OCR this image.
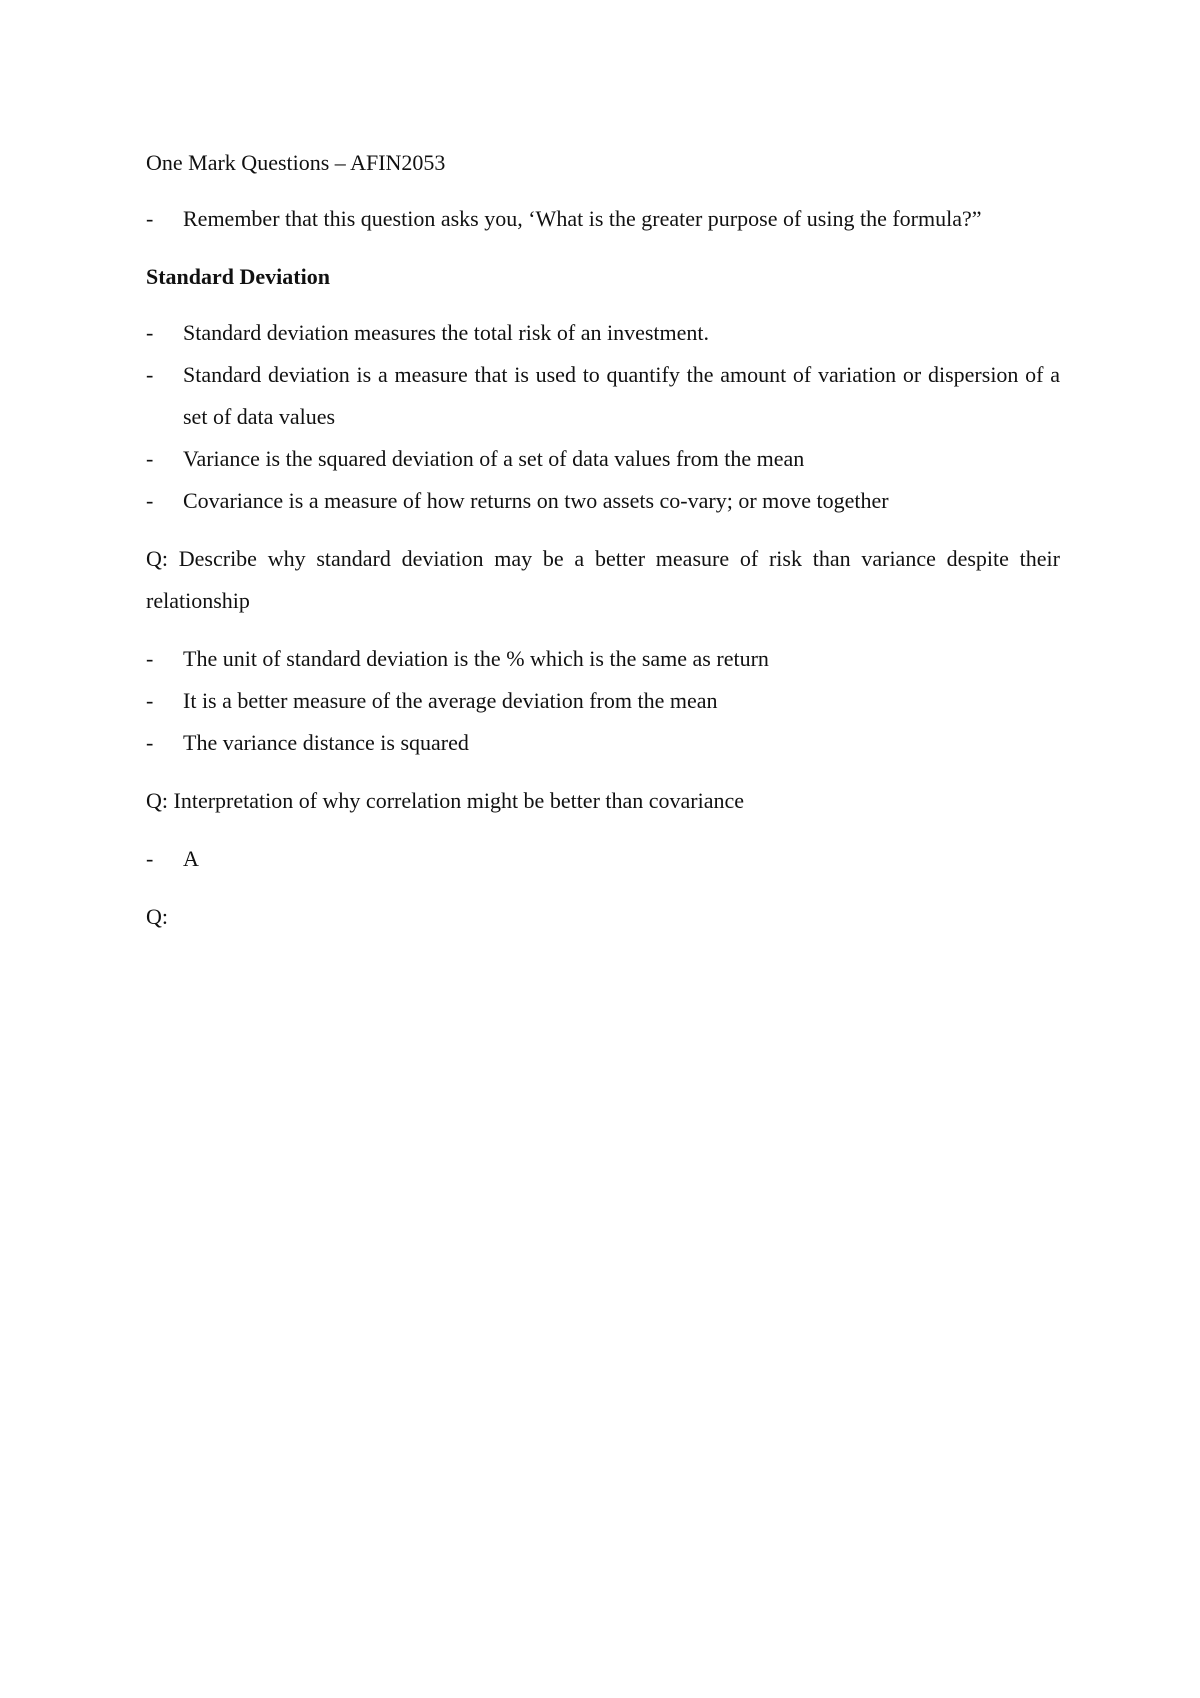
One Mark Questions – AFIN2053

- Remember that this question asks you, ‘What is the greater purpose of using the formula?”

Standard Deviation

- Standard deviation measures the total risk of an investment.
- Standard deviation is a measure that is used to quantify the amount of variation or dispersion of a set of data values
- Variance is the squared deviation of a set of data values from the mean
- Covariance is a measure of how returns on two assets co-vary; or move together

Q: Describe why standard deviation may be a better measure of risk than variance despite their relationship

- The unit of standard deviation is the % which is the same as return
- It is a better measure of the average deviation from the mean
- The variance distance is squared

Q: Interpretation of why correlation might be better than covariance

- A

Q:
